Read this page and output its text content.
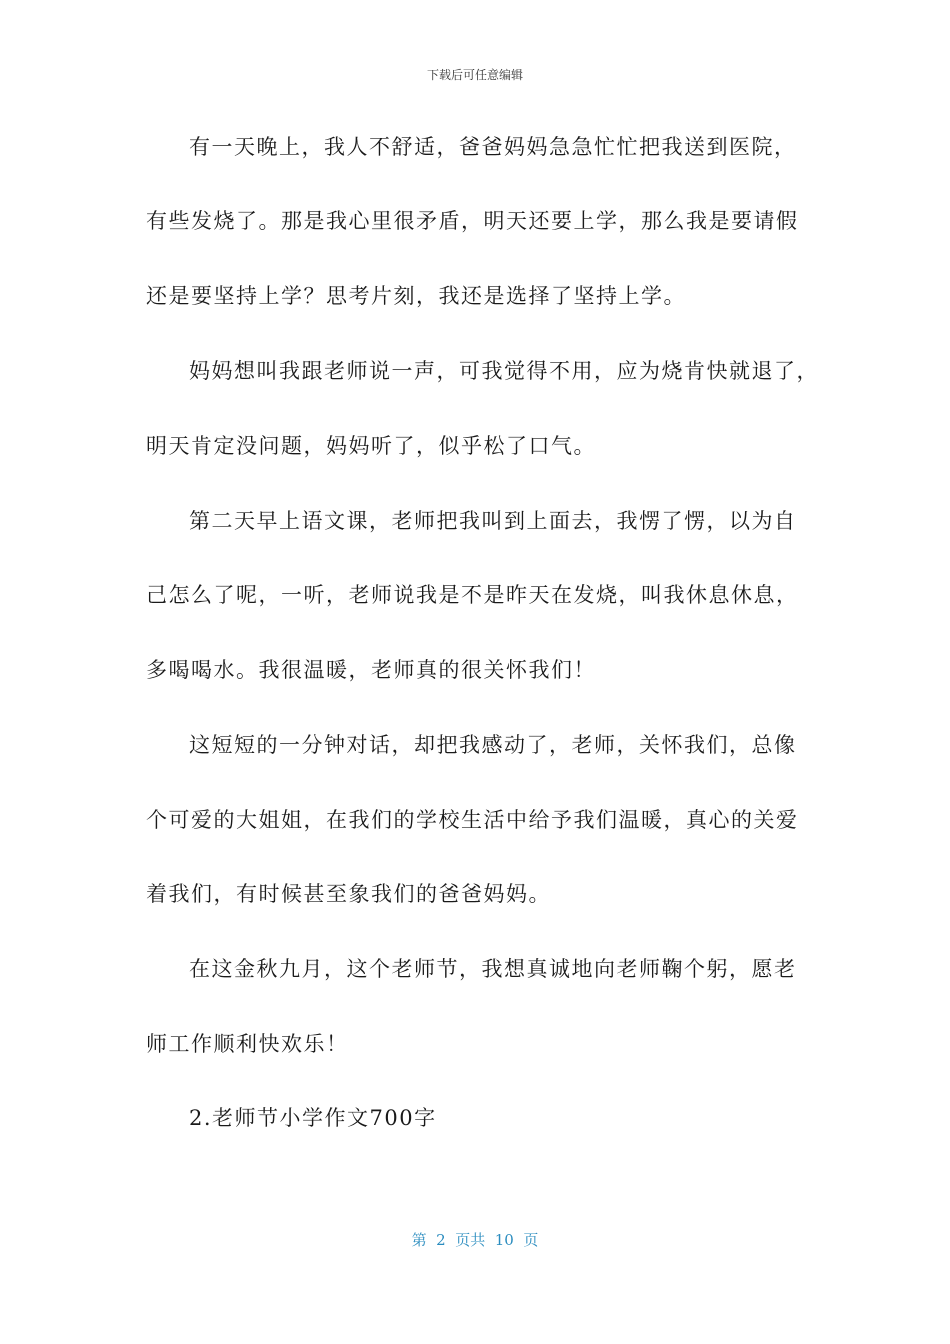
下载后可任意编辑
有一天晚上，我人不舒适，爸爸妈妈急急忙忙把我送到医院，
有些发烧了。那是我心里很矛盾，明天还要上学，那么我是要请假
还是要坚持上学？思考片刻，我还是选择了坚持上学。
妈妈想叫我跟老师说一声，可我觉得不用，应为烧肯快就退了，
明天肯定没问题，妈妈听了，似乎松了口气。
第二天早上语文课，老师把我叫到上面去，我愣了愣，以为自
己怎么了呢，一听，老师说我是不是昨天在发烧，叫我休息休息，
多喝喝水。我很温暖，老师真的很关怀我们！
这短短的一分钟对话，却把我感动了，老师，关怀我们，总像
个可爱的大姐姐，在我们的学校生活中给予我们温暖，真心的关爱
着我们，有时候甚至象我们的爸爸妈妈。
在这金秋九月，这个老师节，我想真诚地向老师鞠个躬，愿老
师工作顺利快欢乐！
2.老师节小学作文700字
第  2  页共  10  页
